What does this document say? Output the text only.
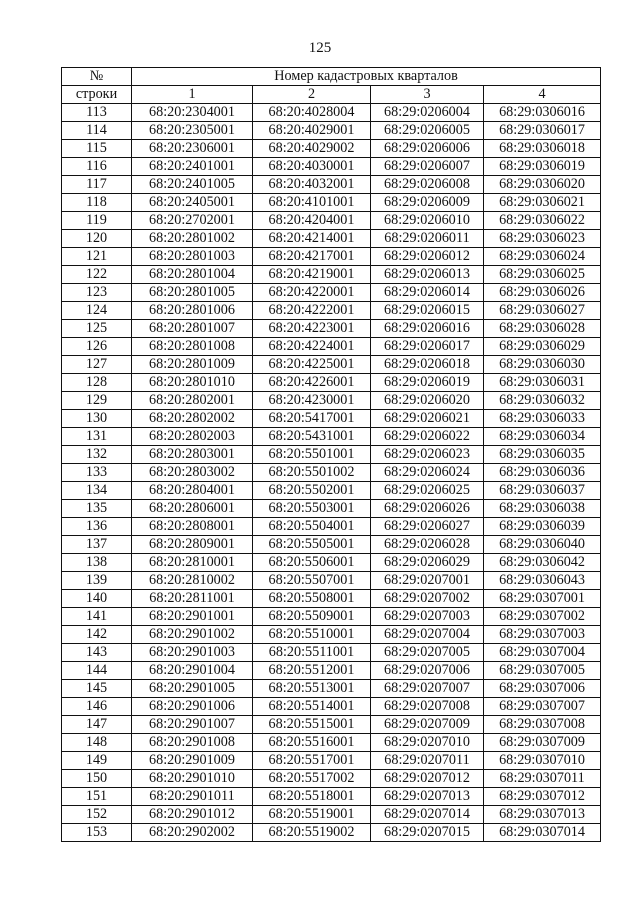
125
№	Номер кадастровых кварталов			
строки	1	2	3	4
113	68:20:2304001	68:20:4028004	68:29:0206004	68:29:0306016
114	68:20:2305001	68:20:4029001	68:29:0206005	68:29:0306017
115	68:20:2306001	68:20:4029002	68:29:0206006	68:29:0306018
116	68:20:2401001	68:20:4030001	68:29:0206007	68:29:0306019
117	68:20:2401005	68:20:4032001	68:29:0206008	68:29:0306020
118	68:20:2405001	68:20:4101001	68:29:0206009	68:29:0306021
119	68:20:2702001	68:20:4204001	68:29:0206010	68:29:0306022
120	68:20:2801002	68:20:4214001	68:29:0206011	68:29:0306023
121	68:20:2801003	68:20:4217001	68:29:0206012	68:29:0306024
122	68:20:2801004	68:20:4219001	68:29:0206013	68:29:0306025
123	68:20:2801005	68:20:4220001	68:29:0206014	68:29:0306026
124	68:20:2801006	68:20:4222001	68:29:0206015	68:29:0306027
125	68:20:2801007	68:20:4223001	68:29:0206016	68:29:0306028
126	68:20:2801008	68:20:4224001	68:29:0206017	68:29:0306029
127	68:20:2801009	68:20:4225001	68:29:0206018	68:29:0306030
128	68:20:2801010	68:20:4226001	68:29:0206019	68:29:0306031
129	68:20:2802001	68:20:4230001	68:29:0206020	68:29:0306032
130	68:20:2802002	68:20:5417001	68:29:0206021	68:29:0306033
131	68:20:2802003	68:20:5431001	68:29:0206022	68:29:0306034
132	68:20:2803001	68:20:5501001	68:29:0206023	68:29:0306035
133	68:20:2803002	68:20:5501002	68:29:0206024	68:29:0306036
134	68:20:2804001	68:20:5502001	68:29:0206025	68:29:0306037
135	68:20:2806001	68:20:5503001	68:29:0206026	68:29:0306038
136	68:20:2808001	68:20:5504001	68:29:0206027	68:29:0306039
137	68:20:2809001	68:20:5505001	68:29:0206028	68:29:0306040
138	68:20:2810001	68:20:5506001	68:29:0206029	68:29:0306042
139	68:20:2810002	68:20:5507001	68:29:0207001	68:29:0306043
140	68:20:2811001	68:20:5508001	68:29:0207002	68:29:0307001
141	68:20:2901001	68:20:5509001	68:29:0207003	68:29:0307002
142	68:20:2901002	68:20:5510001	68:29:0207004	68:29:0307003
143	68:20:2901003	68:20:5511001	68:29:0207005	68:29:0307004
144	68:20:2901004	68:20:5512001	68:29:0207006	68:29:0307005
145	68:20:2901005	68:20:5513001	68:29:0207007	68:29:0307006
146	68:20:2901006	68:20:5514001	68:29:0207008	68:29:0307007
147	68:20:2901007	68:20:5515001	68:29:0207009	68:29:0307008
148	68:20:2901008	68:20:5516001	68:29:0207010	68:29:0307009
149	68:20:2901009	68:20:5517001	68:29:0207011	68:29:0307010
150	68:20:2901010	68:20:5517002	68:29:0207012	68:29:0307011
151	68:20:2901011	68:20:5518001	68:29:0207013	68:29:0307012
152	68:20:2901012	68:20:5519001	68:29:0207014	68:29:0307013
153	68:20:2902002	68:20:5519002	68:29:0207015	68:29:0307014
